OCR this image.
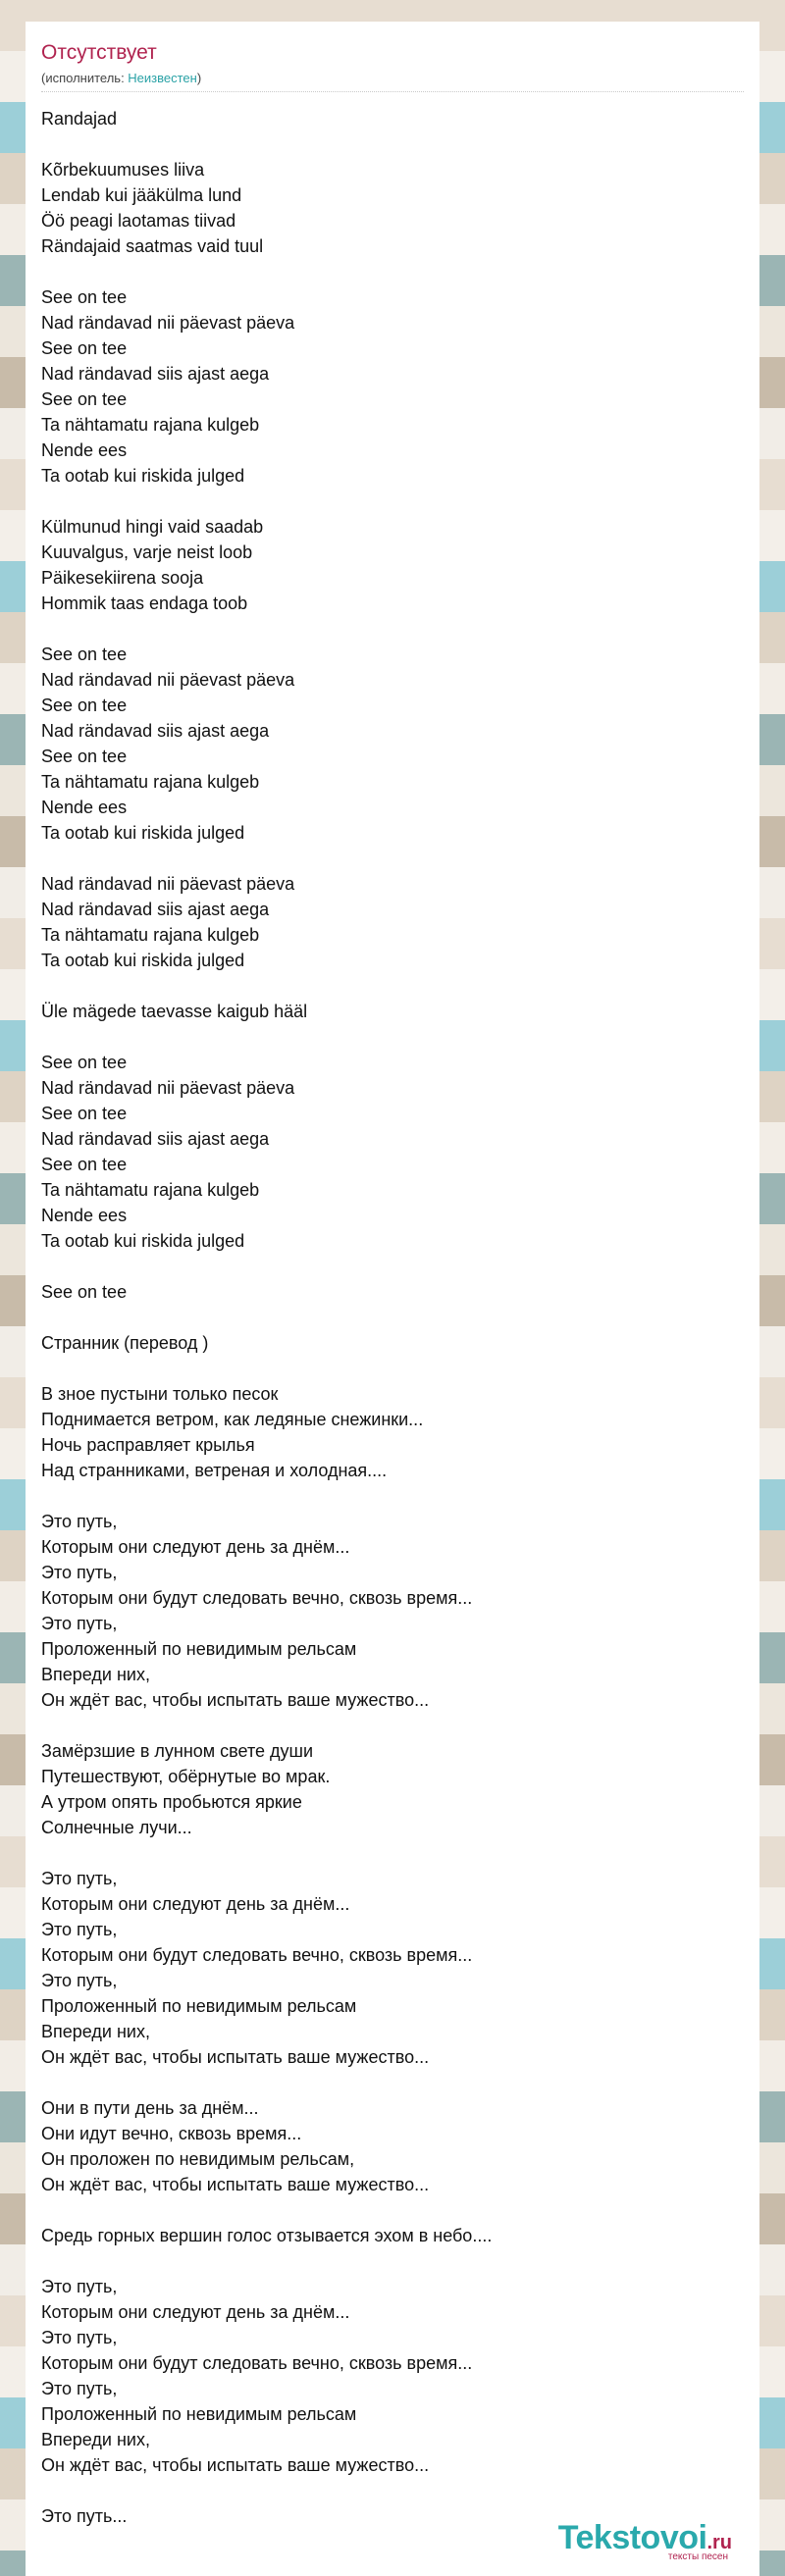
Отсутствует
(исполнитель: Неизвестен)
Randajad
Kõrbekuumuses liiva
Lendab kui jääkülma lund
Öö peagi laotamas tiivad
Rändajaid saatmas vaid tuul
See on tee
Nad rändavad nii päevast päeva
See on tee
Nad rändavad siis ajast aega
See on tee
Ta nähtamatu rajana kulgeb
Nende ees
Ta ootab kui riskida julged
Külmunud hingi vaid saadab
Kuuvalgus, varje neist loob
Päikesekiirena sooja
Hommik taas endaga toob
See on tee
Nad rändavad nii päevast päeva
See on tee
Nad rändavad siis ajast aega
See on tee
Ta nähtamatu rajana kulgeb
Nende ees
Ta ootab kui riskida julged
Nad rändavad nii päevast päeva
Nad rändavad siis ajast aega
Ta nähtamatu rajana kulgeb
Ta ootab kui riskida julged
Üle mägede taevasse kaigub hääl
See on tee
Nad rändavad nii päevast päeva
See on tee
Nad rändavad siis ajast aega
See on tee
Ta nähtamatu rajana kulgeb
Nende ees
Ta ootab kui riskida julged
See on tee
Странник (перевод )
В зное пустыни только песок
Поднимается ветром, как ледяные снежинки...
Ночь расправляет крылья
Над странниками, ветреная и холодная....
Это путь,
Которым они следуют день за днём...
Это путь,
Которым они будут следовать вечно, сквозь время...
Это путь,
Проложенный по невидимым рельсам
Впереди них,
Он ждёт вас, чтобы испытать ваше мужество...
Замёрзшие в лунном свете души
Путешествуют, обёрнутые во мрак.
А утром опять пробьются яркие
Солнечные лучи...
Это путь,
Которым они следуют день за днём...
Это путь,
Которым они будут следовать вечно, сквозь время...
Это путь,
Проложенный по невидимым рельсам
Впереди них,
Он ждёт вас, чтобы испытать ваше мужество...
Они в пути день за днём...
Они идут вечно, сквозь время...
Он проложен по невидимым рельсам,
Он ждёт вас, чтобы испытать ваше мужество...
Средь горных вершин голос отзывается эхом в небо....
Это путь,
Которым они следуют день за днём...
Это путь,
Которым они будут следовать вечно, сквозь время...
Это путь,
Проложенный по невидимым рельсам
Впереди них,
Он ждёт вас, чтобы испытать ваше мужество...
Это путь...
Tekstovoi.ru
тексты песен
